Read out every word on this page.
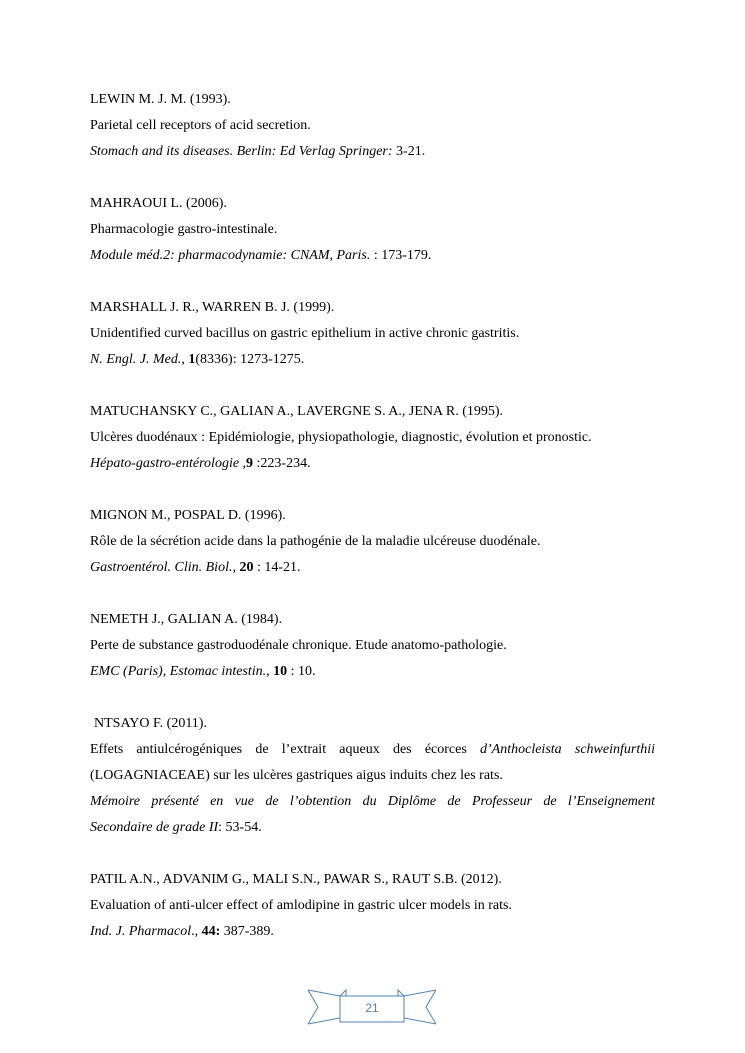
LEWIN M. J. M. (1993).
Parietal cell receptors of acid secretion.
Stomach and its diseases. Berlin: Ed Verlag Springer: 3-21.
MAHRAOUI L. (2006).
Pharmacologie gastro-intestinale.
Module méd.2: pharmacodynamie: CNAM, Paris. : 173-179.
MARSHALL J. R., WARREN B. J. (1999).
Unidentified curved bacillus on gastric epithelium in active chronic gastritis.
N. Engl. J. Med., 1(8336): 1273-1275.
MATUCHANSKY C., GALIAN A., LAVERGNE S. A., JENA R. (1995).
Ulcères duodénaux : Epidémiologie, physiopathologie, diagnostic, évolution et pronostic.
Hépato-gastro-entérologie ,9 :223-234.
MIGNON M., POSPAL D. (1996).
Rôle de la sécrétion acide dans la pathogénie de la maladie ulcéreuse duodénale.
Gastroentérol. Clin. Biol., 20 : 14-21.
NEMETH J., GALIAN A. (1984).
Perte de substance gastroduodénale chronique. Etude anatomo-pathologie.
EMC (Paris), Estomac intestin., 10 : 10.
NTSAYO F. (2011).
Effets antiulcérogéniques de l’extrait aqueux des écorces d’Anthocleista schweinfurthii
(LOGAGNIACEAE) sur les ulcères gastriques aigus induits chez les rats.
Mémoire présenté en vue de l’obtention du Diplôme de Professeur de l’Enseignement
Secondaire de grade II: 53-54.
PATIL A.N., ADVANIM G., MALI S.N., PAWAR S., RAUT S.B. (2012).
Evaluation of anti-ulcer effect of amlodipine in gastric ulcer models in rats.
Ind. J. Pharmacol., 44: 387-389.
21
